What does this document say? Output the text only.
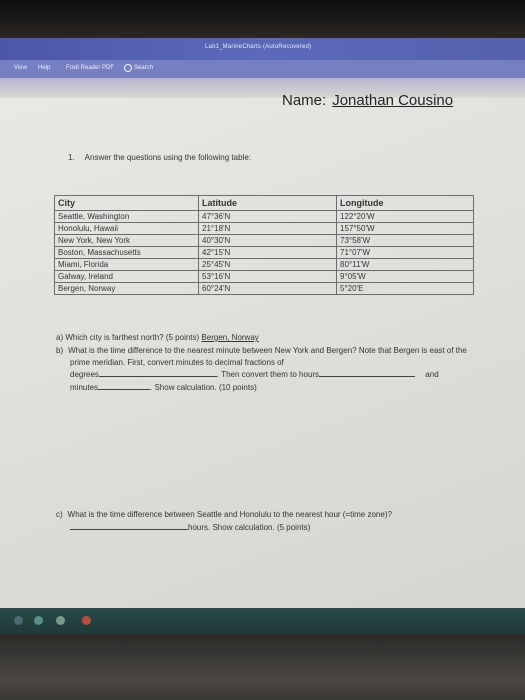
Lab1_MarineCharts (AutoRecovered)
View Help	Foxit Reader PDF	Search
Name: Jonathan Cousino
1. Answer the questions using the following table:
City	Latitude	Longitude
Seattle, Washington	47°36'N	122°20'W
Honolulu, Hawaii	21°18'N	157°50'W
New York, New York	40°30'N	73°58'W
Boston, Massachusetts	42°15'N	71°07'W
Miami, Florida	25°45'N	80°11'W
Galway, Ireland	53°16'N	9°05'W
Bergen, Norway	60°24'N	5°20'E
a) Which city is farthest north? (5 points) Bergen, Norway
b) What is the time difference to the nearest minute between New York and Bergen? Note that Bergen is east of the prime meridian. First, convert minutes to decimal fractions of
degrees	. Then convert them to hours	and
minutes	. Show calculation. (10 points)
c) What is the time difference between Seattle and Honolulu to the nearest hour (=time zone)?hours. Show calculation. (5 points)
